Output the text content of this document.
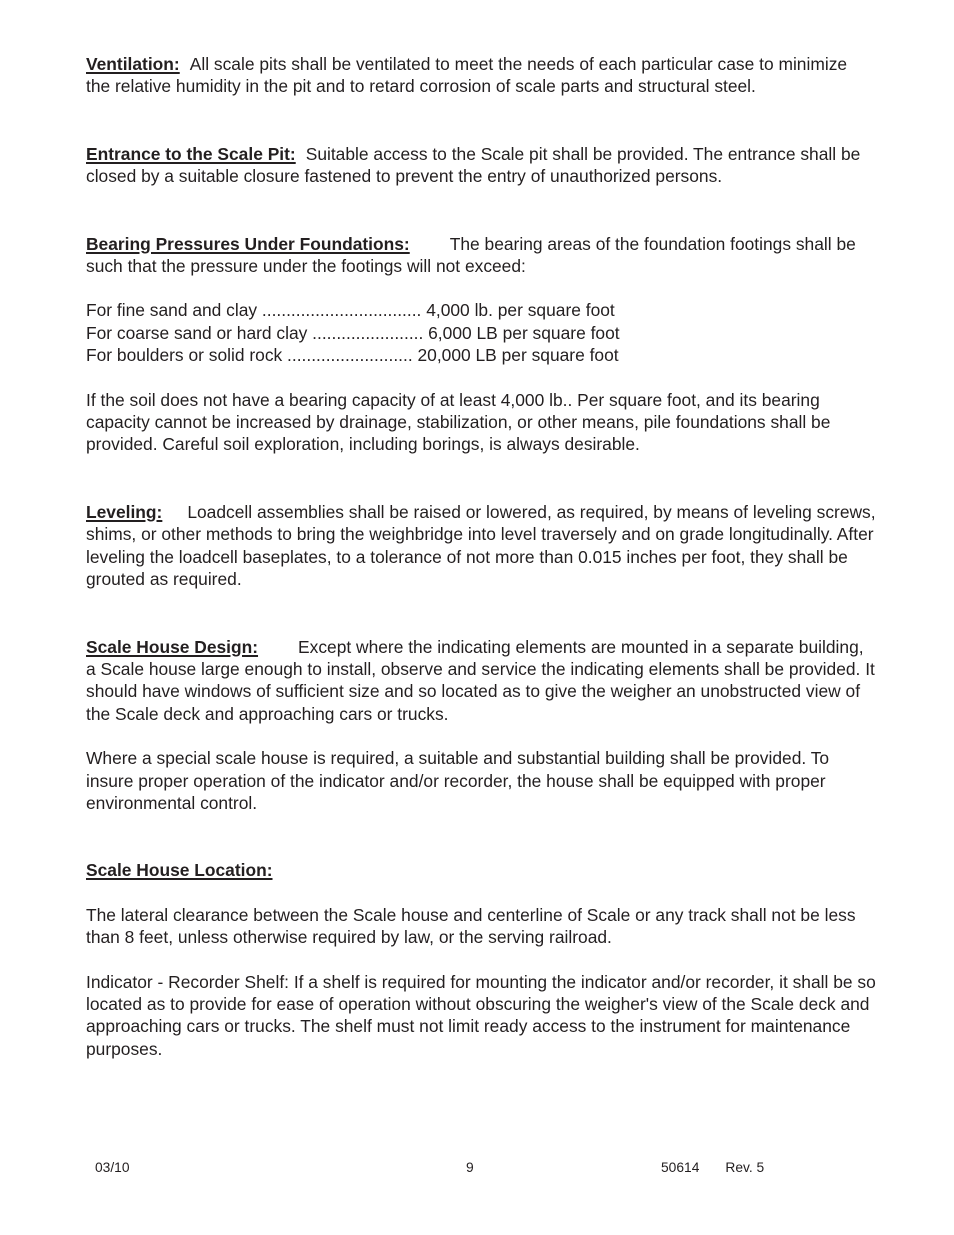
Ventilation: All scale pits shall be ventilated to meet the needs of each particular case to minimize the relative humidity in the pit and to retard corrosion of scale parts and structural steel.

Entrance to the Scale Pit: Suitable access to the Scale pit shall be provided. The entrance shall be closed by a suitable closure fastened to prevent the entry of unauthorized persons.

Bearing Pressures Under Foundations: The bearing areas of the foundation footings shall be such that the pressure under the footings will not exceed:

For fine sand and clay ................................. 4,000 lb. per square foot
For coarse sand or hard clay ....................... 6,000 LB per square foot
For boulders or solid rock .......................... 20,000 LB per square foot

If the soil does not have a bearing capacity of at least 4,000 lb.. Per square foot, and its bearing capacity cannot be increased by drainage, stabilization, or other means, pile foundations shall be provided. Careful soil exploration, including borings, is always desirable.

Leveling: Loadcell assemblies shall be raised or lowered, as required, by means of leveling screws, shims, or other methods to bring the weighbridge into level traversely and on grade longitudinally. After leveling the loadcell baseplates, to a tolerance of not more than 0.015 inches per foot, they shall be grouted as required.

Scale House Design: Except where the indicating elements are mounted in a separate building, a Scale house large enough to install, observe and service the indicating elements shall be provided. It should have windows of sufficient size and so located as to give the weigher an unobstructed view of the Scale deck and approaching cars or trucks.

Where a special scale house is required, a suitable and substantial building shall be provided. To insure proper operation of the indicator and/or recorder, the house shall be equipped with proper environmental control.

Scale House Location:

The lateral clearance between the Scale house and centerline of Scale or any track shall not be less than 8 feet, unless otherwise required by law, or the serving railroad.

Indicator - Recorder Shelf: If a shelf is required for mounting the indicator and/or recorder, it shall be so located as to provide for ease of operation without obscuring the weigher's view of the Scale deck and approaching cars or trucks. The shelf must not limit ready access to the instrument for maintenance purposes.

03/10	9	50614 Rev. 5
